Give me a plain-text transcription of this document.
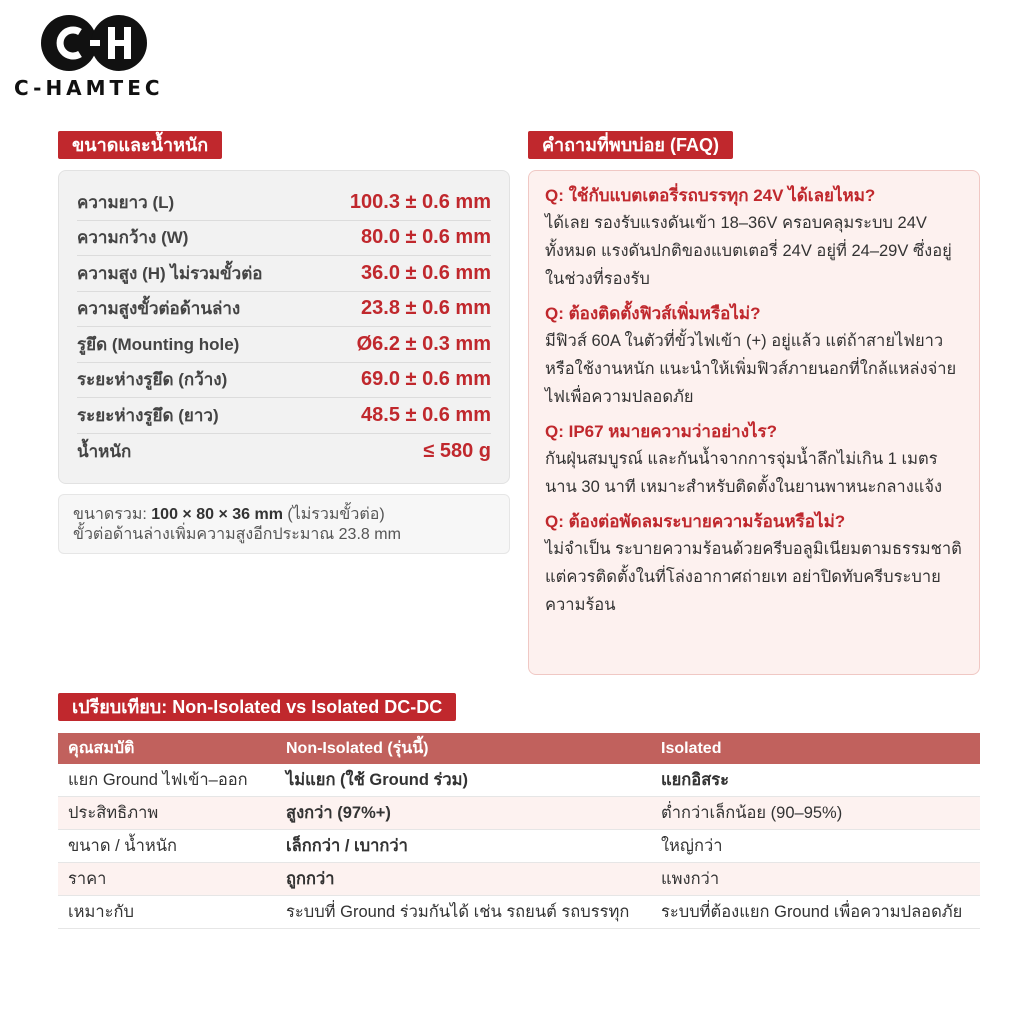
C-HAMTEC
ขนาดและน้ำหนัก
ความยาว (L)	100.3 ± 0.6 mm
ความกว้าง (W)	80.0 ± 0.6 mm
ความสูง (H) ไม่รวมขั้วต่อ	36.0 ± 0.6 mm
ความสูงขั้วต่อด้านล่าง	23.8 ± 0.6 mm
รูยึด (Mounting hole)	Ø6.2 ± 0.3 mm
ระยะห่างรูยึด (กว้าง)	69.0 ± 0.6 mm
ระยะห่างรูยึด (ยาว)	48.5 ± 0.6 mm
น้ำหนัก	≤ 580 g
ขนาดรวม: 100 × 80 × 36 mm (ไม่รวมขั้วต่อ)
ขั้วต่อด้านล่างเพิ่มความสูงอีกประมาณ 23.8 mm
คำถามที่พบบ่อย (FAQ)
Q: ใช้กับแบตเตอรี่รถบรรทุก 24V ได้เลยไหม?
ได้เลย รองรับแรงดันเข้า 18–36V ครอบคลุมระบบ 24V ทั้งหมด แรงดันปกติของแบตเตอรี่ 24V อยู่ที่ 24–29V ซึ่งอยู่ในช่วงที่รองรับ
Q: ต้องติดตั้งฟิวส์เพิ่มหรือไม่?
มีฟิวส์ 60A ในตัวที่ขั้วไฟเข้า (+) อยู่แล้ว แต่ถ้าสายไฟยาวหรือใช้งานหนัก แนะนำให้เพิ่มฟิวส์ภายนอกที่ใกล้แหล่งจ่ายไฟเพื่อความปลอดภัย
Q: IP67 หมายความว่าอย่างไร?
กันฝุ่นสมบูรณ์ และกันน้ำจากการจุ่มน้ำลึกไม่เกิน 1 เมตร นาน 30 นาที เหมาะสำหรับติดตั้งในยานพาหนะกลางแจ้ง
Q: ต้องต่อพัดลมระบายความร้อนหรือไม่?
ไม่จำเป็น ระบายความร้อนด้วยครีบอลูมิเนียมตามธรรมชาติ แต่ควรติดตั้งในที่โล่งอากาศถ่ายเท อย่าปิดทับครีบระบายความร้อน
เปรียบเทียบ: Non-Isolated vs Isolated DC-DC
คุณสมบัติ	Non-Isolated (รุ่นนี้)	Isolated
แยก Ground ไฟเข้า–ออก	ไม่แยก (ใช้ Ground ร่วม)	แยกอิสระ
ประสิทธิภาพ	สูงกว่า (97%+)	ต่ำกว่าเล็กน้อย (90–95%)
ขนาด / น้ำหนัก	เล็กกว่า / เบากว่า	ใหญ่กว่า
ราคา	ถูกกว่า	แพงกว่า
เหมาะกับ	ระบบที่ Ground ร่วมกันได้ เช่น รถยนต์ รถบรรทุก	ระบบที่ต้องแยก Ground เพื่อความปลอดภัย
